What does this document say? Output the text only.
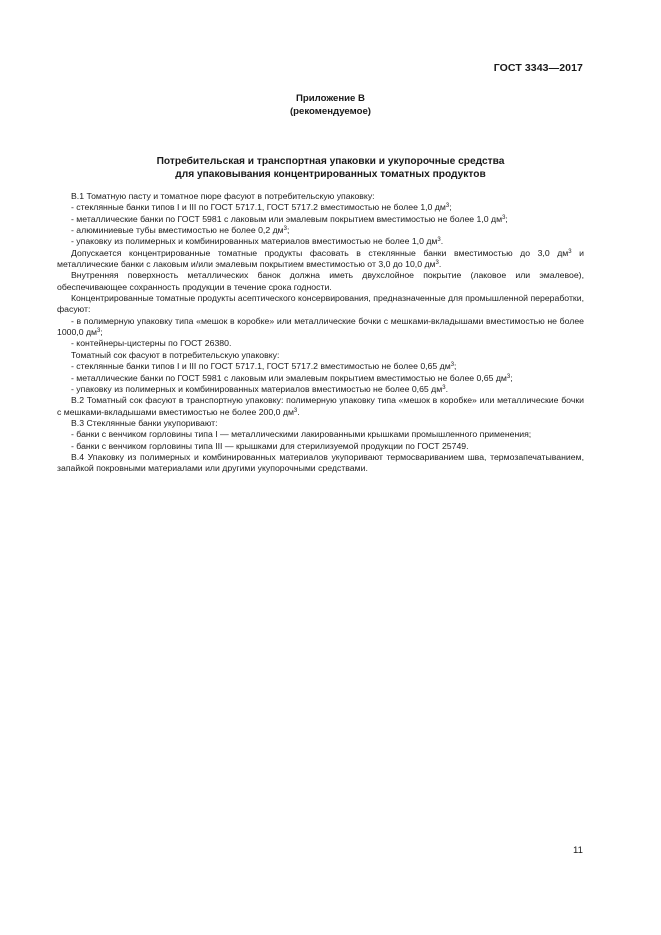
ГОСТ 3343—2017
Приложение В
(рекомендуемое)
Потребительская и транспортная упаковки и укупорочные средства
для упаковывания концентрированных томатных продуктов

В.1 Томатную пасту и томатное пюре фасуют в потребительскую упаковку:

- стеклянные банки типов I и III по ГОСТ 5717.1, ГОСТ 5717.2 вместимостью не более 1,0 $дм^3$;

- металлические банки по ГОСТ 5981 с лаковым или эмалевым покрытием вместимостью не более 1,0 $дм^3$;

- алюминиевые тубы вместимостью не более 0,2 $дм^3$;

- упаковку из полимерных и комбинированных материалов вместимостью не более 1,0 $дм^3$.

Допускается концентрированные томатные продукты фасовать в стеклянные банки вместимостью до 3,0 $дм^3$ и металлические банки с лаковым и/или эмалевым покрытием вместимостью от 3,0 до 10,0 $дм^3$.

Внутренняя поверхность металлических банок должна иметь двухслойное покрытие (лаковое или эмалевое), обеспечивающее сохранность продукции в течение срока годности.

Концентрированные томатные продукты асептического консервирования, предназначенные для промышленной переработки, фасуют:

- в полимерную упаковку типа «мешок в коробке» или металлические бочки с мешками-вкладышами вместимостью не более 1000,0 $дм^3$;

- контейнеры-цистерны по ГОСТ 26380.

Томатный сок фасуют в потребительскую упаковку:

- стеклянные банки типов I и III по ГОСТ 5717.1, ГОСТ 5717.2 вместимостью не более 0,65 $дм^3$;

- металлические банки по ГОСТ 5981 с лаковым или эмалевым покрытием вместимостью не более 0,65 $дм^3$;

- упаковку из полимерных и комбинированных материалов вместимостью не более 0,65 $дм^3$.

В.2 Томатный сок фасуют в транспортную упаковку: полимерную упаковку типа «мешок в коробке» или металлические бочки с мешками-вкладышами вместимостью не более 200,0 $дм^3$.

В.3 Стеклянные банки укупоривают:

- банки с венчиком горловины типа I — металлическими лакированными крышками промышленного применения;

- банки с венчиком горловины типа III — крышками для стерилизуемой продукции по ГОСТ 25749.

В.4 Упаковку из полимерных и комбинированных материалов укупоривают термосвариванием шва, термозапечатыванием, запайкой покровными материалами или другими укупорочными средствами.

11
